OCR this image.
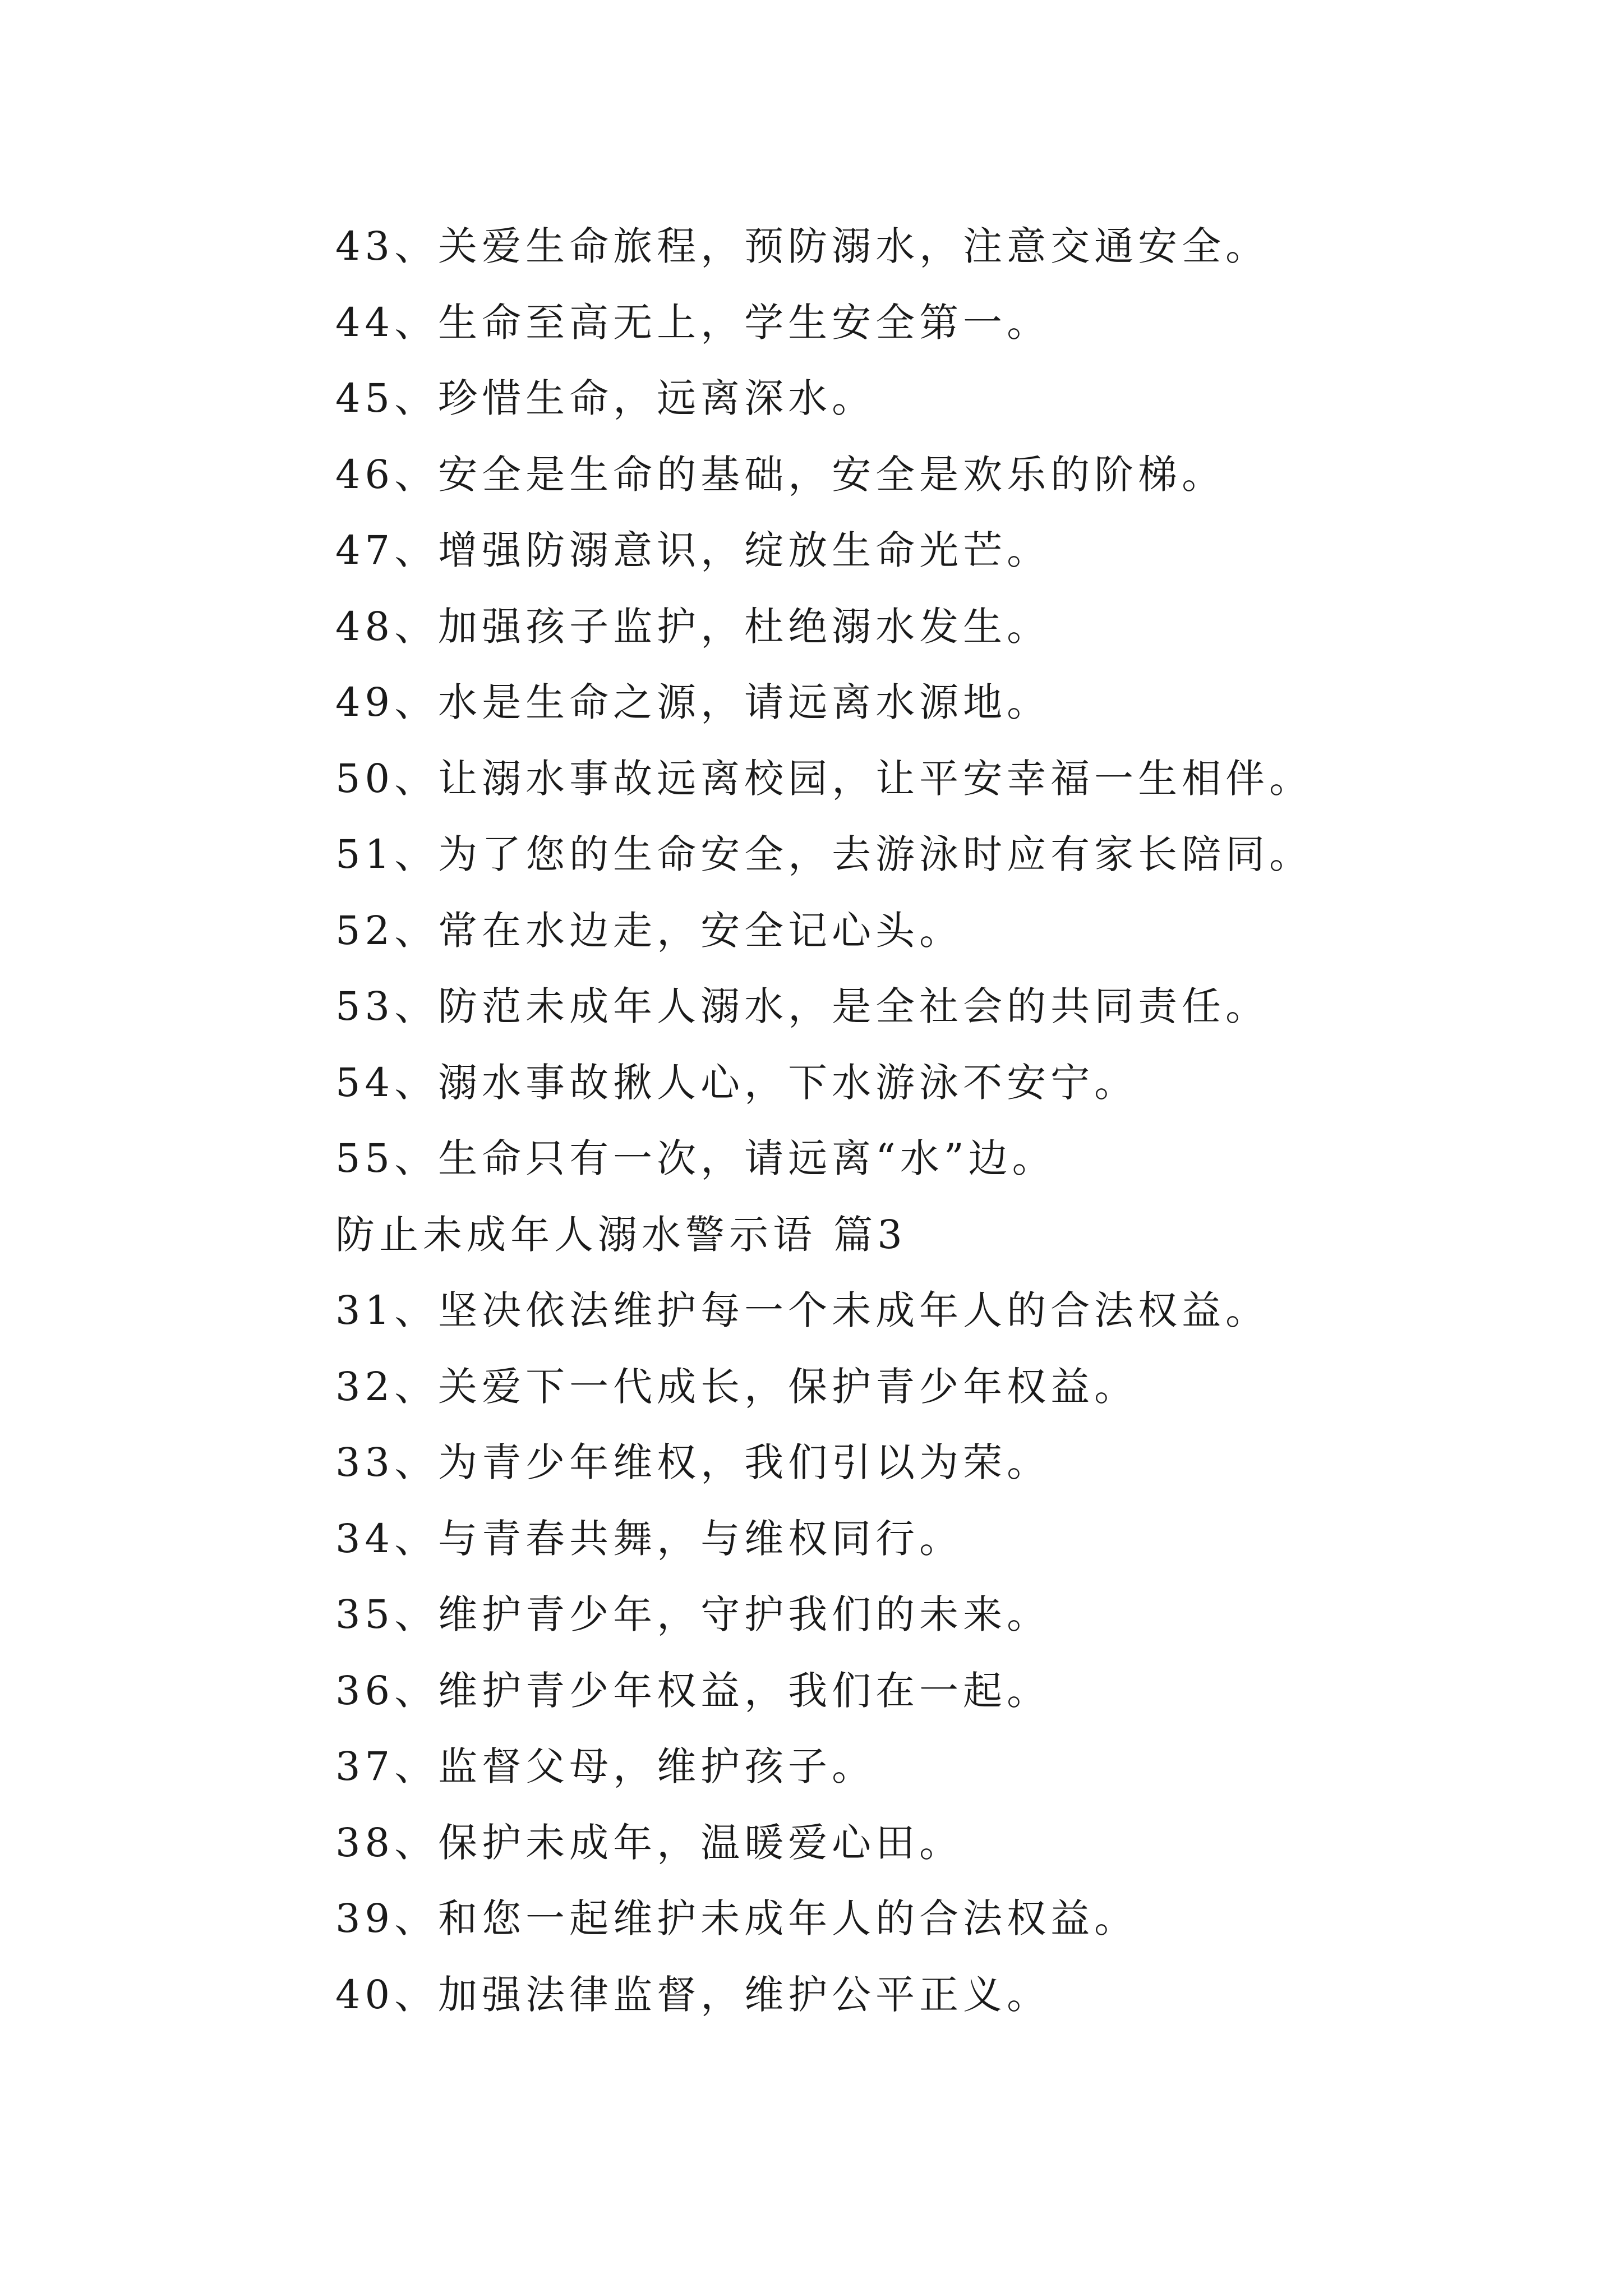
43、关爱生命旅程，预防溺水，注意交通安全。
44、生命至高无上，学生安全第一。
45、珍惜生命，远离深水。
46、安全是生命的基础，安全是欢乐的阶梯。
47、增强防溺意识，绽放生命光芒。
48、加强孩子监护，杜绝溺水发生。
49、水是生命之源，请远离水源地。
50、让溺水事故远离校园，让平安幸福一生相伴。
51、为了您的生命安全，去游泳时应有家长陪同。
52、常在水边走，安全记心头。
53、防范未成年人溺水，是全社会的共同责任。
54、溺水事故揪人心，下水游泳不安宁。
55、生命只有一次，请远离“水”边。
防止未成年人溺水警示语 篇3
31、坚决依法维护每一个未成年人的合法权益。
32、关爱下一代成长，保护青少年权益。
33、为青少年维权，我们引以为荣。
34、与青春共舞，与维权同行。
35、维护青少年，守护我们的未来。
36、维护青少年权益，我们在一起。
37、监督父母，维护孩子。
38、保护未成年，温暖爱心田。
39、和您一起维护未成年人的合法权益。
40、加强法律监督，维护公平正义。
